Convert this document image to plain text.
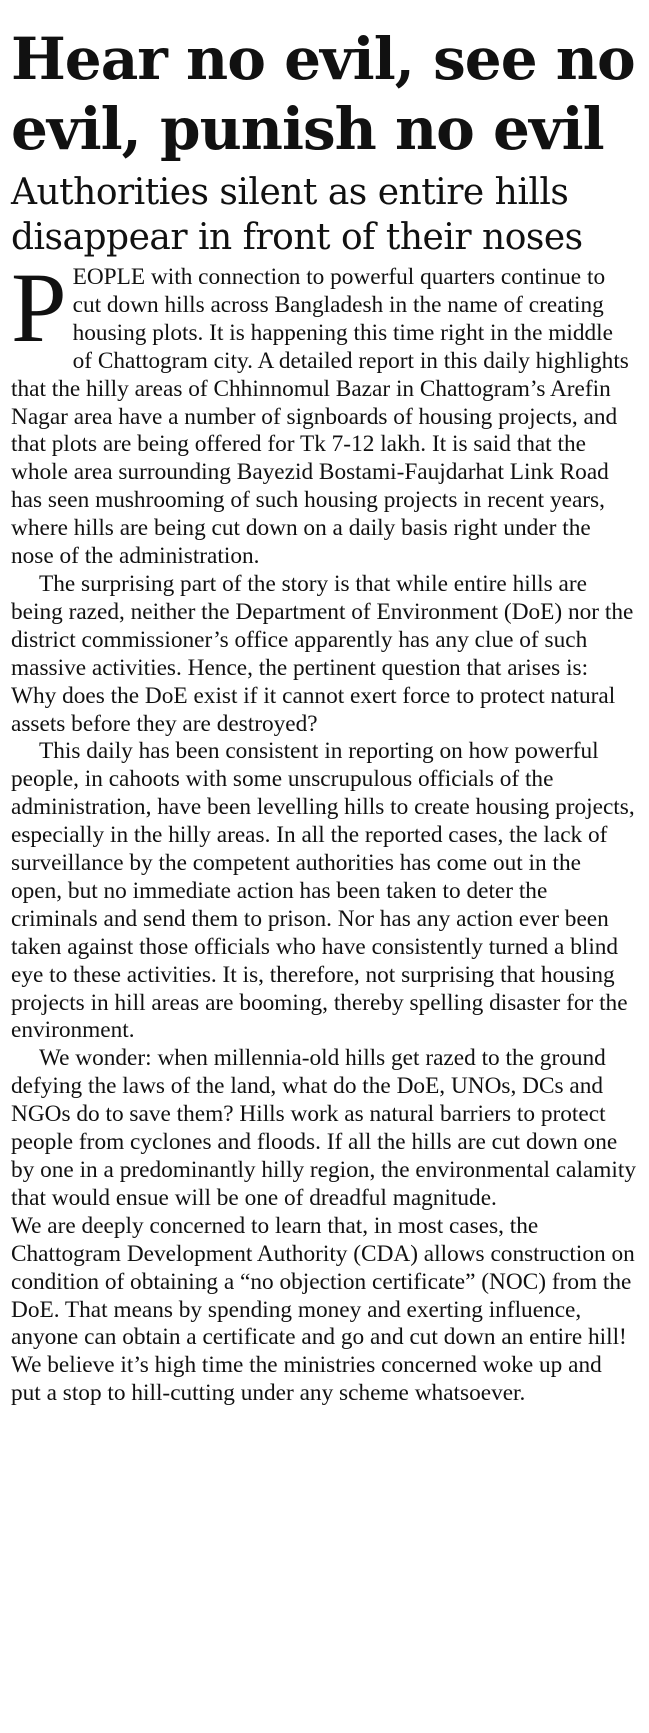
Hear no evil, see no evil, punish no evil
Authorities silent as entire hills disappear in front of their noses

PEOPLE with connection to powerful quarters continue to cut down hills across Bangladesh in the name of creating housing plots. It is happening this time right in the middle of Chattogram city. A detailed report in this daily highlights that the hilly areas of Chhinnomul Bazar in Chattogram’s Arefin Nagar area have a number of signboards of housing projects, and that plots are being offered for Tk 7-12 lakh. It is said that the whole area surrounding Bayezid Bostami-Faujdarhat Link Road has seen mushrooming of such housing projects in recent years, where hills are being cut down on a daily basis right under the nose of the administration.

The surprising part of the story is that while entire hills are being razed, neither the Department of Environment (DoE) nor the district commissioner’s office apparently has any clue of such massive activities. Hence, the pertinent question that arises is: Why does the DoE exist if it cannot exert force to protect natural assets before they are destroyed?

This daily has been consistent in reporting on how powerful people, in cahoots with some unscrupulous officials of the administration, have been levelling hills to create housing projects, especially in the hilly areas. In all the reported cases, the lack of surveillance by the competent authorities has come out in the open, but no immediate action has been taken to deter the criminals and send them to prison. Nor has any action ever been taken against those officials who have consistently turned a blind eye to these activities. It is, therefore, not surprising that housing projects in hill areas are booming, thereby spelling disaster for the environment.

We wonder: when millennia-old hills get razed to the ground defying the laws of the land, what do the DoE, UNOs, DCs and NGOs do to save them? Hills work as natural barriers to protect people from cyclones and floods. If all the hills are cut down one by one in a predominantly hilly region, the environmental calamity that would ensue will be one of dreadful magnitude.

We are deeply concerned to learn that, in most cases, the Chattogram Development Authority (CDA) allows construction on condition of obtaining a “no objection certificate” (NOC) from the DoE. That means by spending money and exerting influence, anyone can obtain a certificate and go and cut down an entire hill! We believe it’s high time the ministries concerned woke up and put a stop to hill-cutting under any scheme whatsoever.
